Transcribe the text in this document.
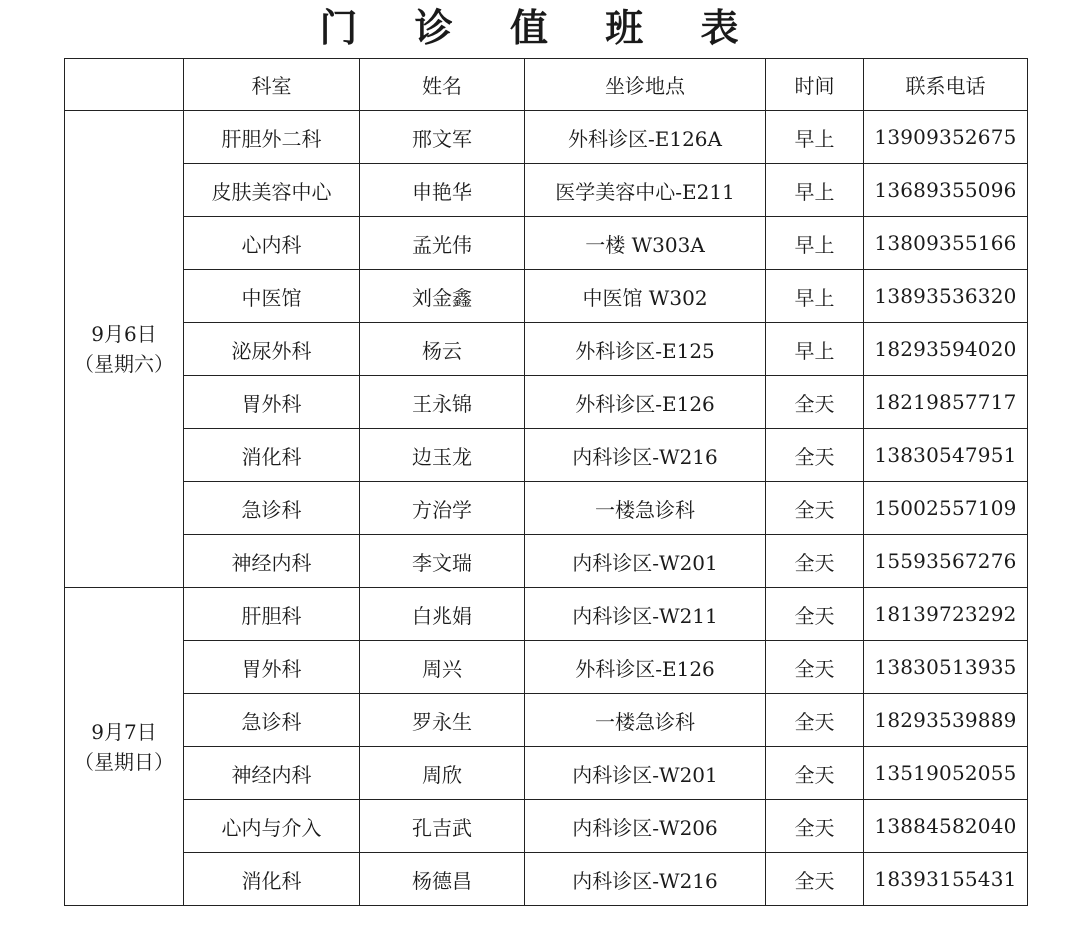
门 诊 值 班 表
	科室	姓名	坐诊地点	时间	联系电话

9月6日
（星期六）	肝胆外二科	邢文军	外科诊区-E126A	早上	13909352675
	皮肤美容中心	申艳华	医学美容中心-E211	早上	13689355096
	心内科	孟光伟	一楼 W303A	早上	13809355166
	中医馆	刘金鑫	中医馆 W302	早上	13893536320
	泌尿外科	杨云	外科诊区-E125	早上	18293594020
	胃外科	王永锦	外科诊区-E126	全天	18219857717
	消化科	边玉龙	内科诊区-W216	全天	13830547951
	急诊科	方治学	一楼急诊科	全天	15002557109
	神经内科	李文瑞	内科诊区-W201	全天	15593567276

9月7日
（星期日）	肝胆科	白兆娟	内科诊区-W211	全天	18139723292
	胃外科	周兴	外科诊区-E126	全天	13830513935
	急诊科	罗永生	一楼急诊科	全天	18293539889
	神经内科	周欣	内科诊区-W201	全天	13519052055
	心内与介入	孔吉武	内科诊区-W206	全天	13884582040
	消化科	杨德昌	内科诊区-W216	全天	18393155431
